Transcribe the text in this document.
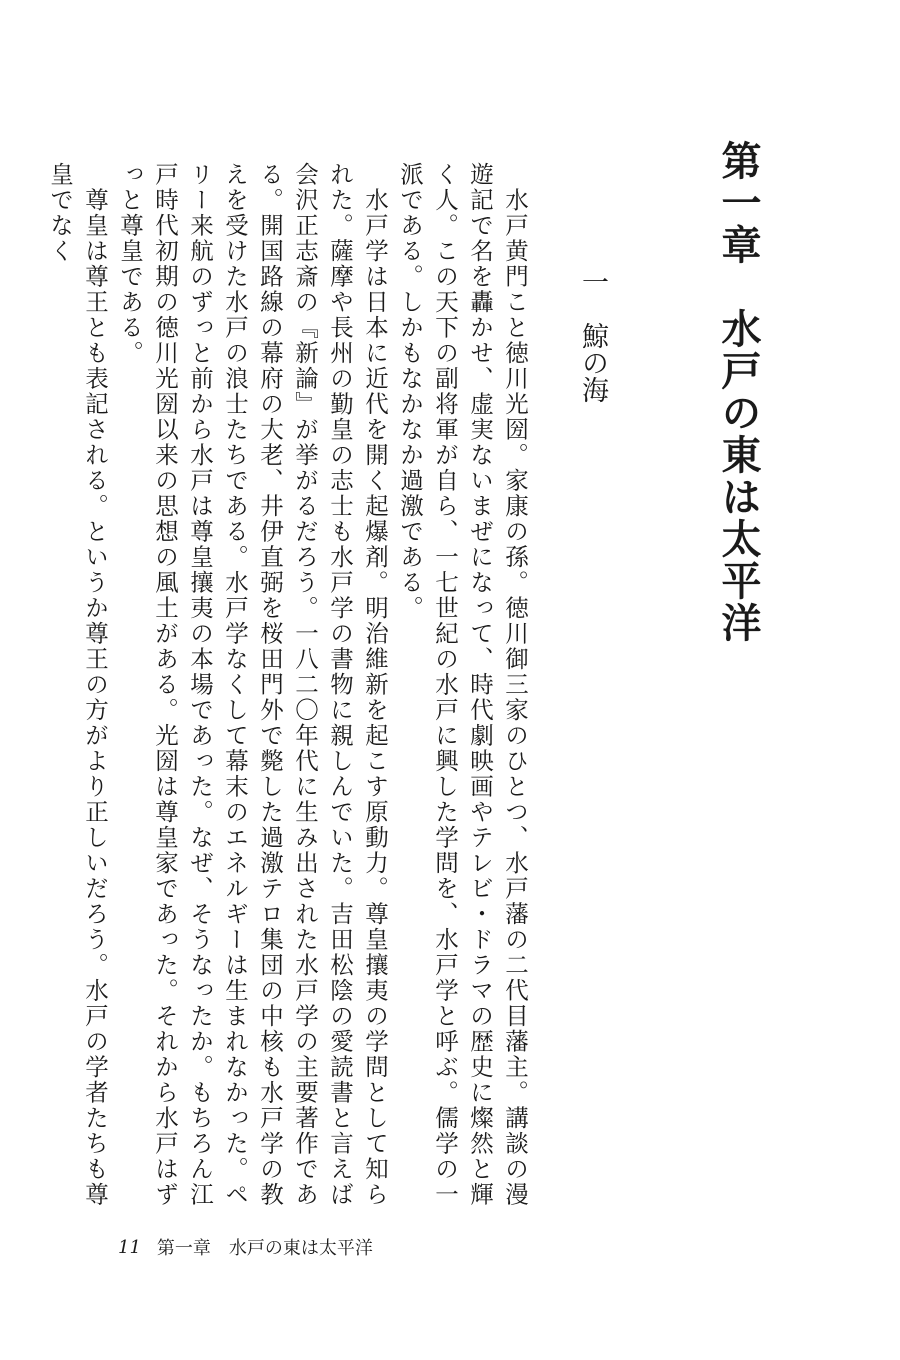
第一章　水戸の東は太平洋
一　鯨の海

　水戸黄門こと徳川光圀。家康の孫。徳川御三家のひとつ、水戸藩の二代目藩主。講談の漫遊記で名を轟かせ、虚実ないまぜになって、時代劇映画やテレビ・ドラマの歴史に燦然と輝く人。この天下の副将軍が自ら、一七世紀の水戸に興した学問を、水戸学と呼ぶ。儒学の一派である。しかもなかなか過激である。

　水戸学は日本に近代を開く起爆剤。明治維新を起こす原動力。尊皇攘夷の学問として知られた。薩摩や長州の勤皇の志士も水戸学の書物に親しんでいた。吉田松陰の愛読書と言えば会沢正志斎の『新論』が挙がるだろう。一八二〇年代に生み出された水戸学の主要著作である。開国路線の幕府の大老、井伊直弼を桜田門外で斃した過激テロ集団の中核も水戸学の教えを受けた水戸の浪士たちである。水戸学なくして幕末のエネルギーは生まれなかった。ペリー来航のずっと前から水戸は尊皇攘夷の本場であった。なぜ、そうなったか。もちろん江戸時代初期の徳川光圀以来の思想の風土がある。光圀は尊皇家であった。それから水戸はずっと尊皇である。

　尊皇は尊王とも表記される。というか尊王の方がより正しいだろう。水戸の学者たちも尊皇でなく

11 第一章　水戸の東は太平洋
